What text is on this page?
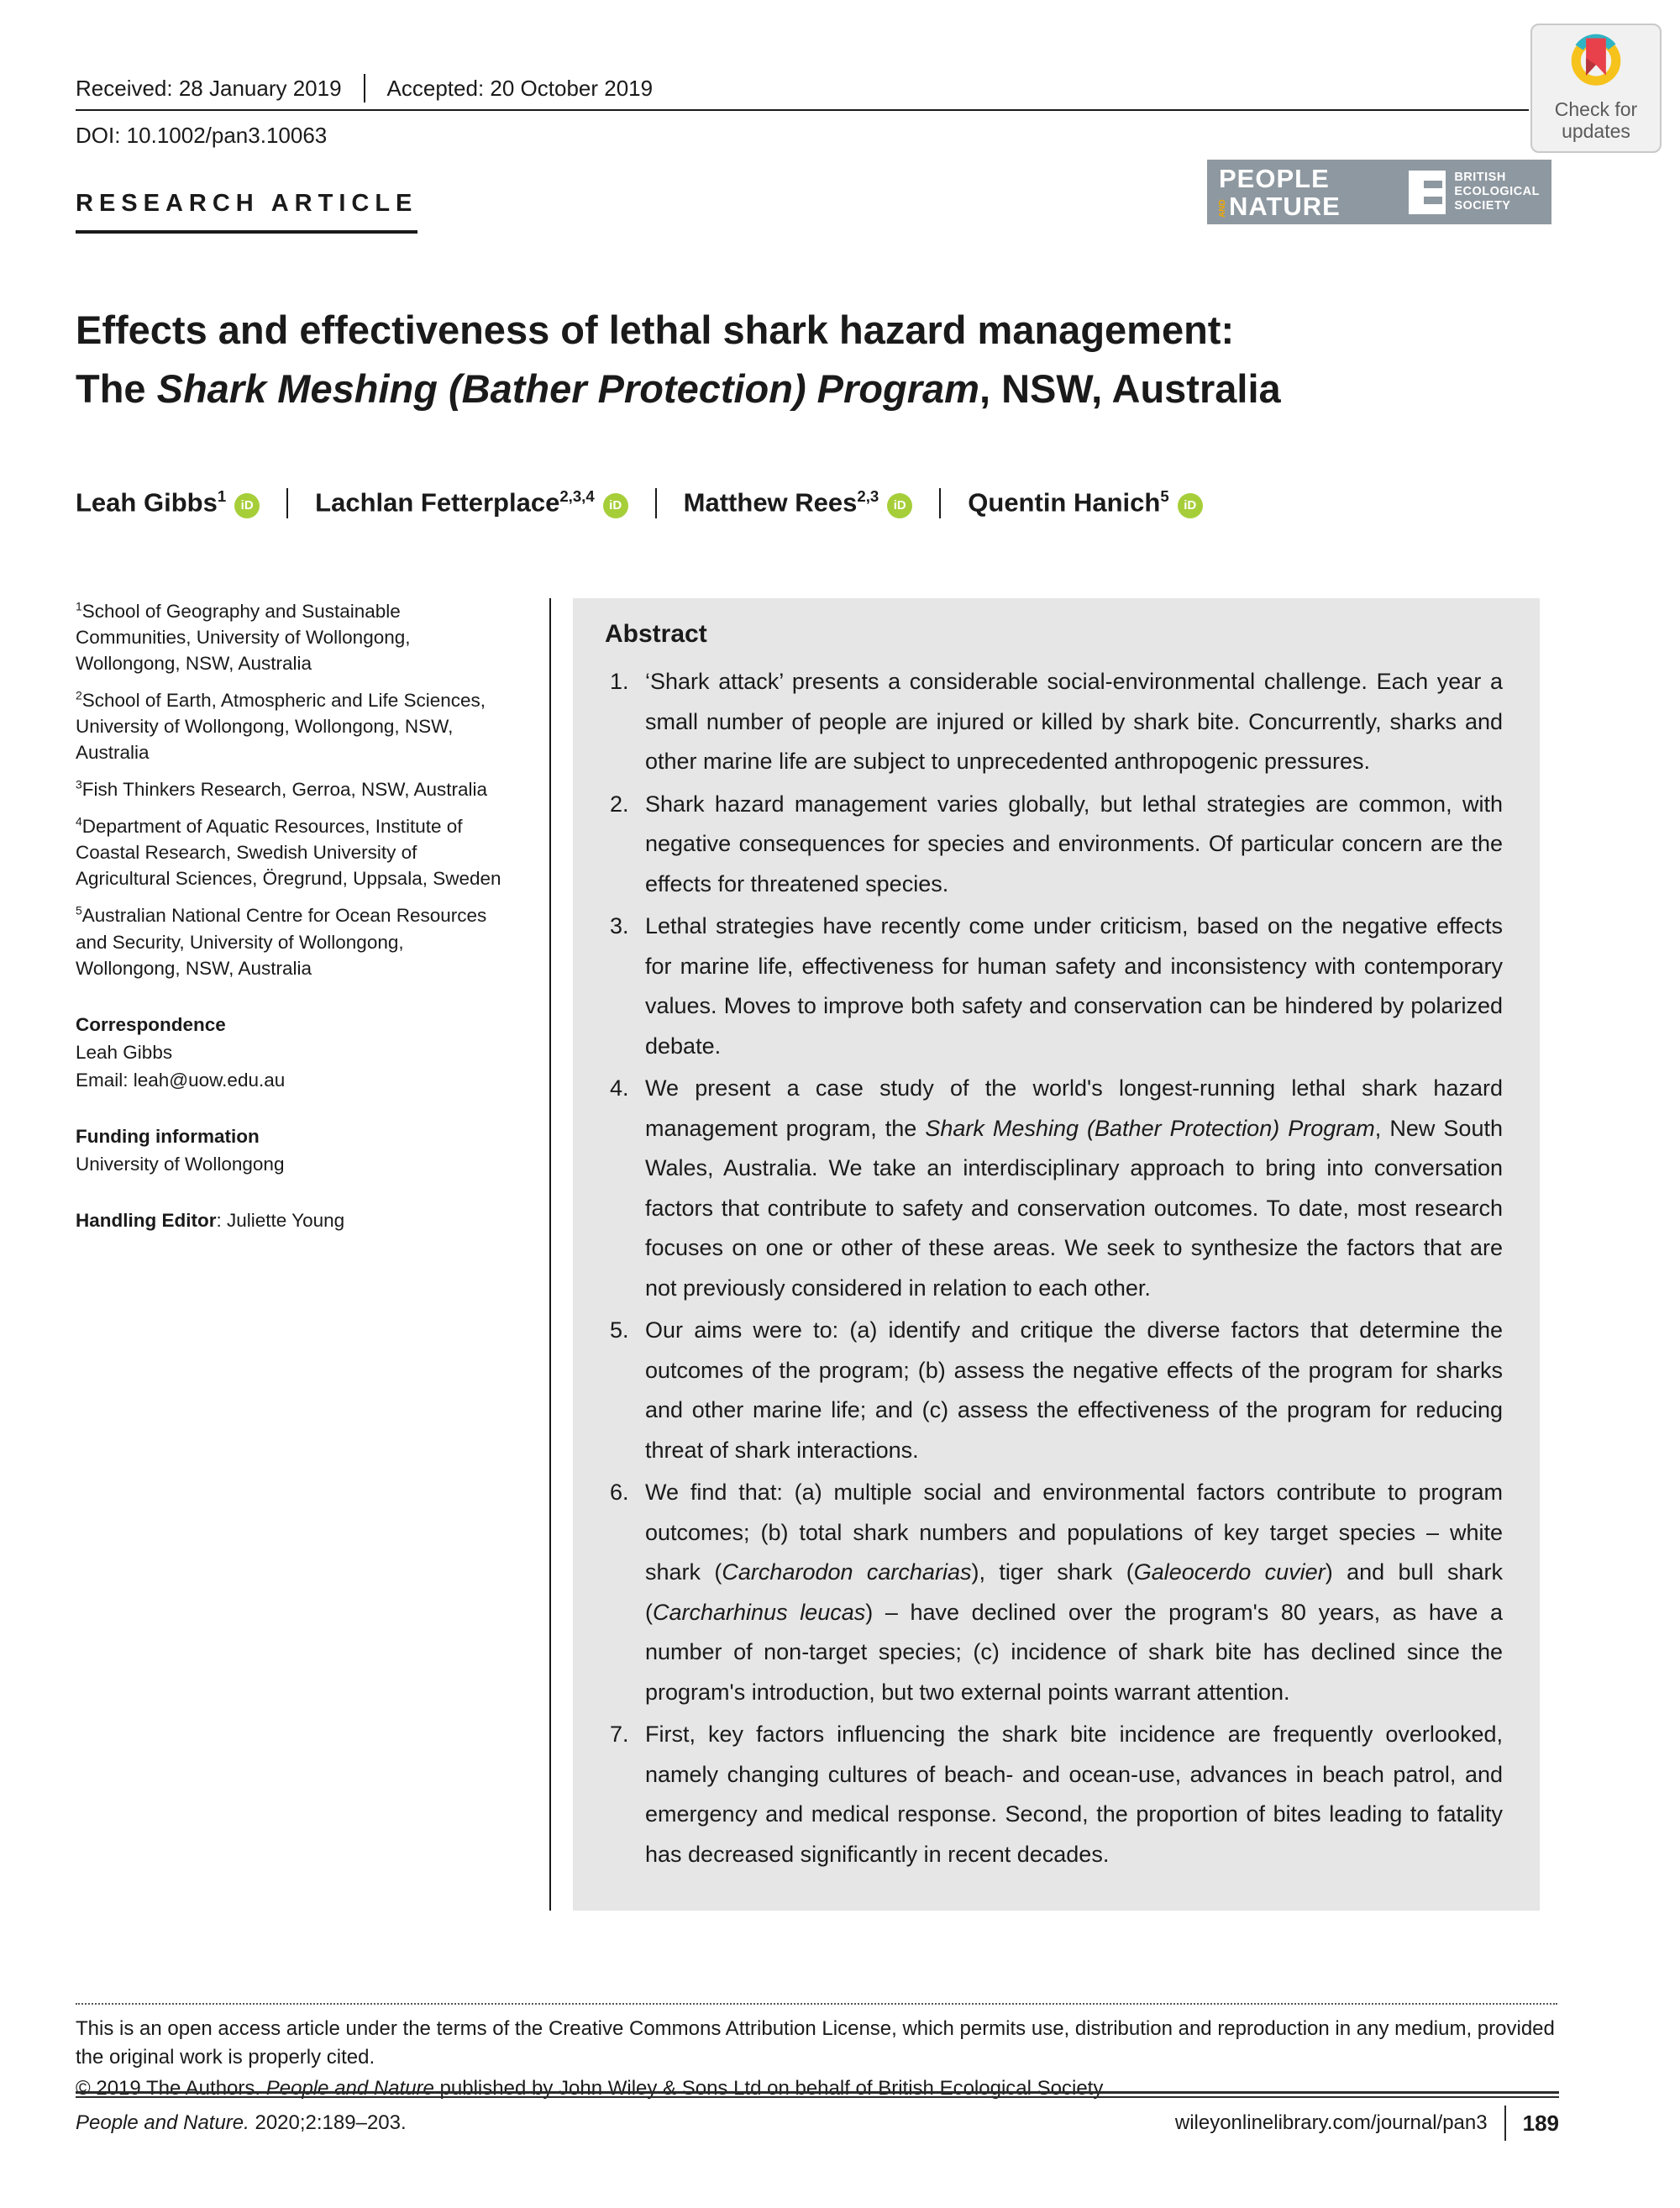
Received: 28 January 2019 Accepted: 20 October 2019
DOI: 10.1002/pan3.10063
Check for
updates
RESEARCH ARTICLE
PEOPLE
AND NATURE
BRITISH
ECOLOGICAL
SOCIETY
Effects and effectiveness of lethal shark hazard management:
The Shark Meshing (Bather Protection) Program, NSW, Australia
Leah Gibbs$^1$iD Lachlan Fetterplace$^{2,3,4}$iD Matthew Rees$^{2,3}$iD Quentin Hanich$^5$iD

$^1$School of Geography and Sustainable Communities, University of Wollongong, Wollongong, NSW, Australia

$^2$School of Earth, Atmospheric and Life Sciences, University of Wollongong, Wollongong, NSW, Australia

$^3$Fish Thinkers Research, Gerroa, NSW, Australia

$^4$Department of Aquatic Resources, Institute of Coastal Research, Swedish University of Agricultural Sciences, Öregrund, Uppsala, Sweden

$^5$Australian National Centre for Ocean Resources and Security, University of Wollongong, Wollongong, NSW, Australia

Correspondence

Leah Gibbs

Email: leah@uow.edu.au

Funding information

University of Wollongong

Handling Editor: Juliette Young

Abstract
‘Shark attack’ presents a considerable social-environmental challenge. Each year a small number of people are injured or killed by shark bite. Concurrently, sharks and other marine life are subject to unprecedented anthropogenic pressures.
Shark hazard management varies globally, but lethal strategies are common, with negative consequences for species and environments. Of particular concern are the effects for threatened species.
Lethal strategies have recently come under criticism, based on the negative effects for marine life, effectiveness for human safety and inconsistency with contemporary values. Moves to improve both safety and conservation can be hindered by polarized debate.
We present a case study of the world's longest-running lethal shark hazard management program, the Shark Meshing (Bather Protection) Program, New South Wales, Australia. We take an interdisciplinary approach to bring into conversation factors that contribute to safety and conservation outcomes. To date, most research focuses on one or other of these areas. We seek to synthesize the factors that are not previously considered in relation to each other.
Our aims were to: (a) identify and critique the diverse factors that determine the outcomes of the program; (b) assess the negative effects of the program for sharks and other marine life; and (c) assess the effectiveness of the program for reducing threat of shark interactions.
We find that: (a) multiple social and environmental factors contribute to program outcomes; (b) total shark numbers and populations of key target species – white shark (Carcharodon carcharias), tiger shark (Galeocerdo cuvier) and bull shark (Carcharhinus leucas) – have declined over the program's 80 years, as have a number of non-target species; (c) incidence of shark bite has declined since the program's introduction, but two external points warrant attention.
First, key factors influencing the shark bite incidence are frequently overlooked, namely changing cultures of beach- and ocean-use, advances in beach patrol, and emergency and medical response. Second, the proportion of bites leading to fatality has decreased significantly in recent decades.

This is an open access article under the terms of the Creative Commons Attribution License, which permits use, distribution and reproduction in any medium, provided the original work is properly cited.

© 2019 The Authors. People and Nature published by John Wiley & Sons Ltd on behalf of British Ecological Society

People and Nature. 2020;2:189–203.	wileyonlinelibrary.com/journal/pan3 189
